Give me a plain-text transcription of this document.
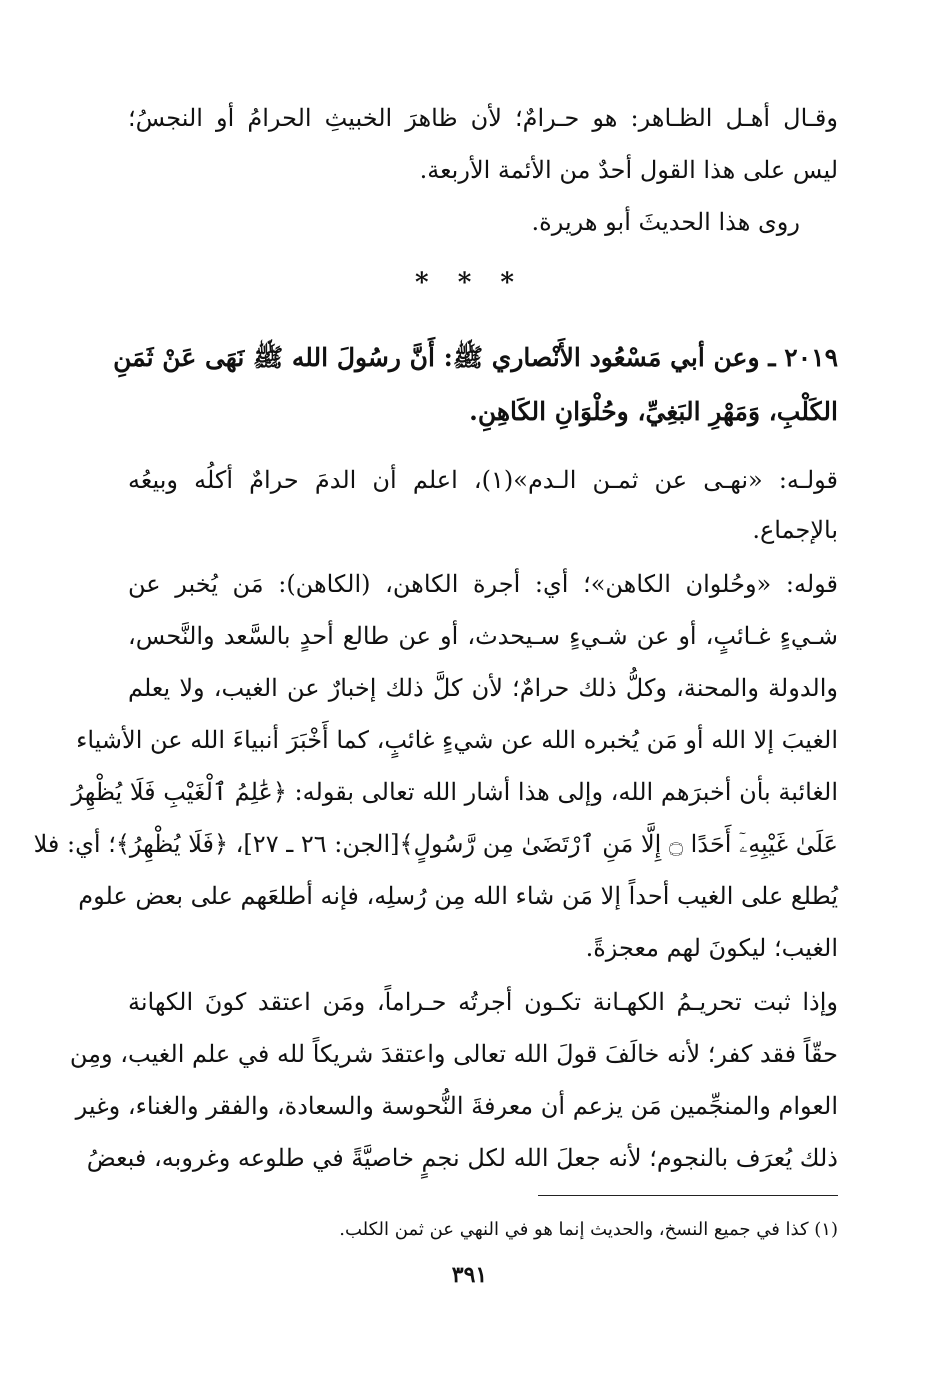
وقـال أهـل الظـاهر: هو حـرامٌ؛ لأن ظاهرَ الخبيثِ الحرامُ أو النجسُ؛
ليس على هذا القول أحدٌ من الأئمة الأربعة.
روى هذا الحديثَ أبو هريرة.
* * *
٢٠١٩ ـ وعن أبي مَسْعُود الأَنْصاري ﷺ: أَنَّ رسُولَ الله ﷺ نَهَى عَنْ ثَمَنِ
الكَلْبِ، وَمَهْرِ البَغِيِّ، وحُلْوَانِ الكَاهِنِ.
قولـه: «نهـى عن ثمـن الـدم»(١)، اعلم أن الدمَ حرامٌ أكلُه وبيعُه
بالإجماع.
قوله: «وحُلوان الكاهن»؛ أي: أجرة الكاهن، (الكاهن): مَن يُخبر عن
شـيءٍ غـائبٍ، أو عن شـيءٍ سـيحدث، أو عن طالع أحدٍ بالسَّعد والنَّحس،
والدولة والمحنة، وكلُّ ذلك حرامٌ؛ لأن كلَّ ذلك إخبارٌ عن الغيب، ولا يعلم
الغيبَ إلا الله أو مَن يُخبره الله عن شيءٍ غائبٍ، كما أَخْبَرَ أنبياءَ الله عن الأشياء
الغائبة بأن أخبرَهم الله، وإلى هذا أشار الله تعالى بقوله: ﴿عَٰلِمُ ٱلْغَيْبِ فَلَا يُظْهِرُ
عَلَىٰ غَيْبِهِۦٓ أَحَدًا ۝ إِلَّا مَنِ ٱرْتَضَىٰ مِن رَّسُولٍ﴾[الجن: ٢٦ ـ ٢٧]، ﴿فَلَا يُظْهِرُ﴾؛ أي: فلا
يُطلع على الغيب أحداً إلا مَن شاء الله مِن رُسلِه، فإنه أطلعَهم على بعض علوم
الغيب؛ ليكونَ لهم معجزةً.
وإذا ثبت تحريـمُ الكهـانة تكـون أجرتُه حـراماً، ومَن اعتقد كونَ الكهانة
حقّاً فقد كفر؛ لأنه خالَفَ قولَ الله تعالى واعتقدَ شريكاً لله في علم الغيب، ومِن
العوام والمنجِّمين مَن يزعم أن معرفةَ النُّحوسة والسعادة، والفقر والغناء، وغير
ذلك يُعرَف بالنجوم؛ لأنه جعلَ الله لكل نجمٍ خاصيَّةً في طلوعه وغروبه، فبعضُ
(١) كذا في جميع النسخ، والحديث إنما هو في النهي عن ثمن الكلب.
٣٩١
